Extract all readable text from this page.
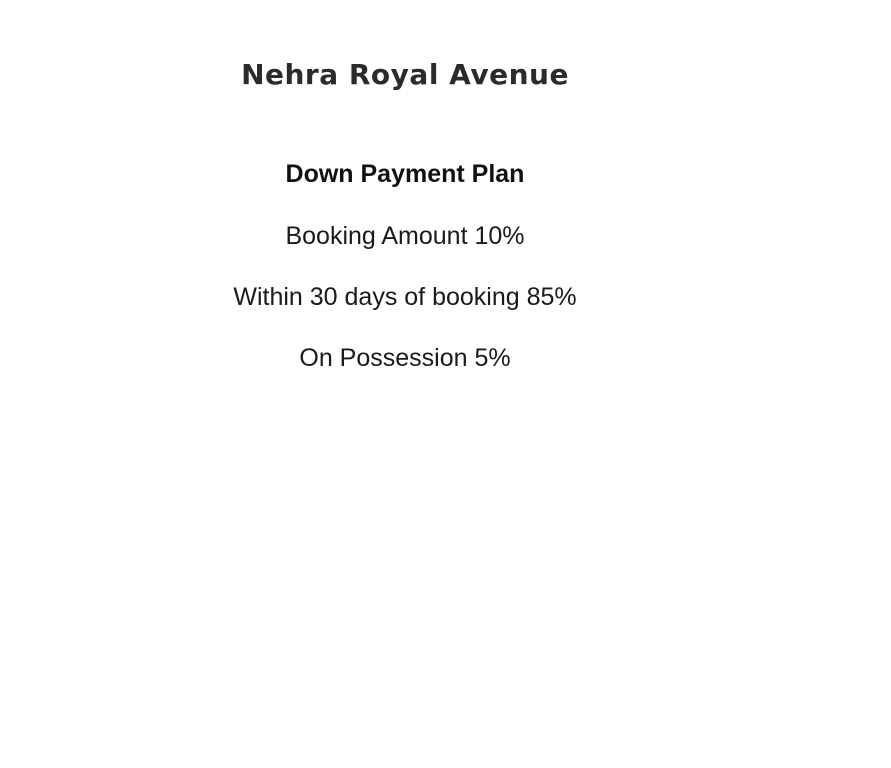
Nehra Royal Avenue
Down Payment Plan
Booking Amount 10%
Within 30 days of booking 85%
On Possession 5%
